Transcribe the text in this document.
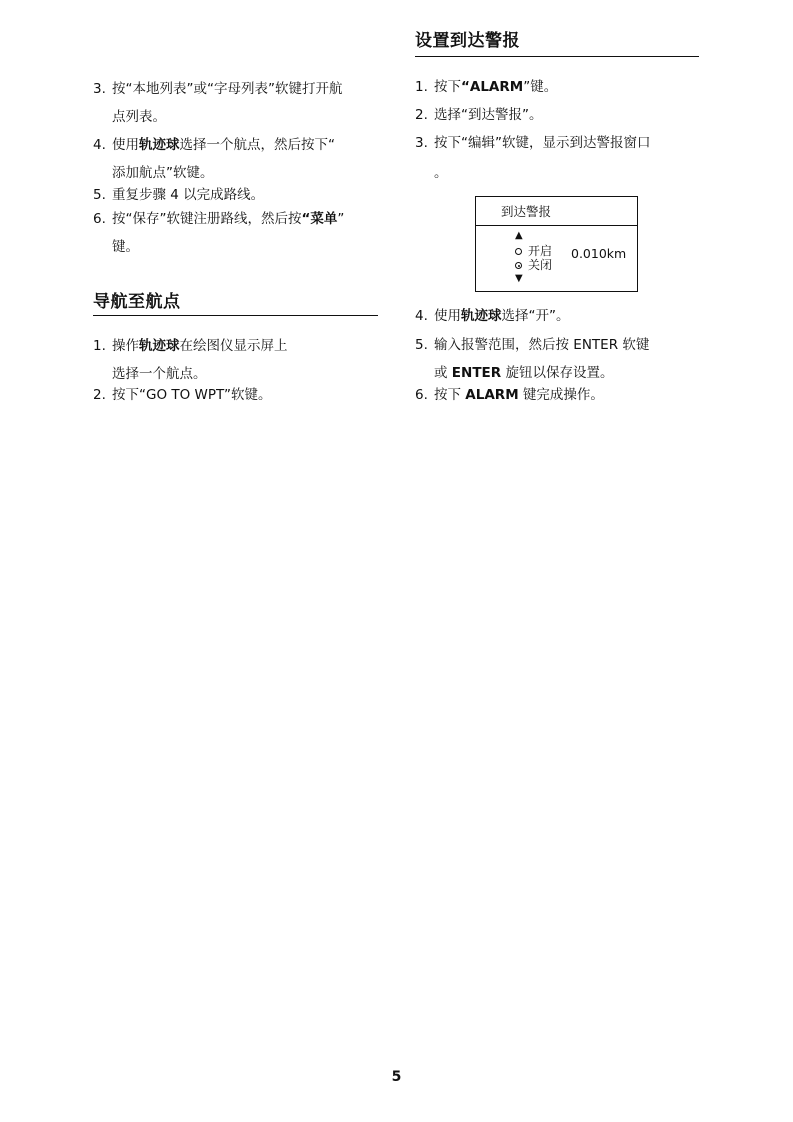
3. 按“本地列表”或“字母列表”软键打开航
点列表。
4. 使用轨迹球选择一个航点，然后按下“
添加航点”软键。
5. 重复步骤 4 以完成路线。
6. 按“保存”软键注册路线，然后按“菜单”
键。
导航至航点
1. 操作轨迹球在绘图仪显示屏上
选择一个航点。
2. 按下“GO TO WPT”软键。
设置到达警报
1. 按下“ALARM”键。
2. 选择“到达警报”。
3. 按下“编辑”软键，显示到达警报窗口
。
到达警报
▲
开启 0.010km
关闭
▼
4. 使用轨迹球选择“开”。
5. 输入报警范围，然后按 ENTER 软键
或 ENTER 旋钮以保存设置。
6. 按下 ALARM 键完成操作。
5
